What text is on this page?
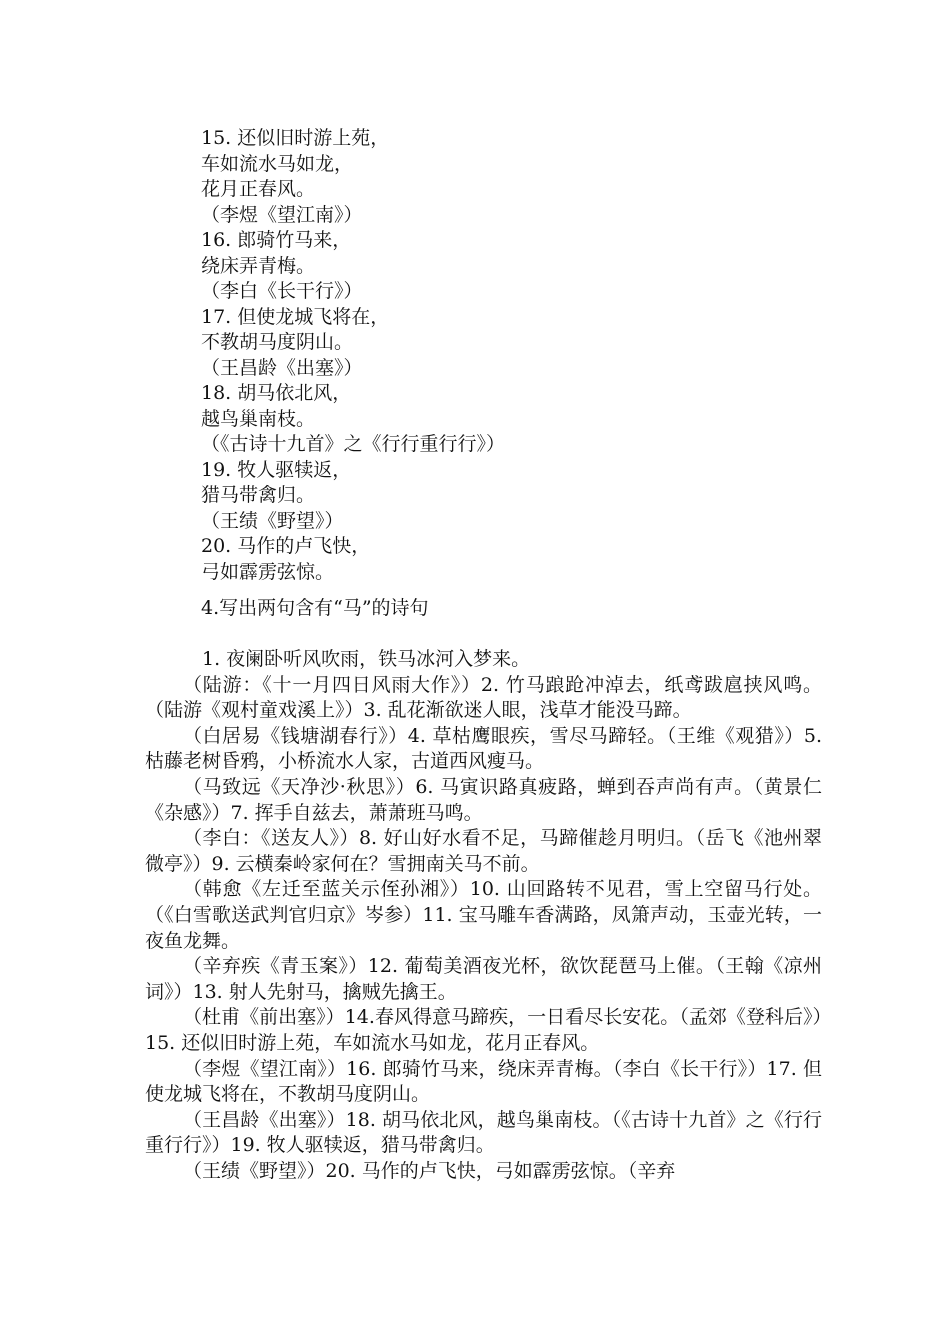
15. 还似旧时游上苑，
车如流水马如龙，
花月正春风。
（李煜《望江南》）
16. 郎骑竹马来，
绕床弄青梅。
（李白《长干行》）
17. 但使龙城飞将在，
不教胡马度阴山。
（王昌龄《出塞》）
18. 胡马依北风，
越鸟巢南枝。
（《古诗十九首》之《行行重行行》）
19. 牧人驱犊返，
猎马带禽归。
（王绩《野望》）
20. 马作的卢飞快，
弓如霹雳弦惊。
4.写出两句含有“马”的诗句

1. 夜阑卧听风吹雨，铁马冰河入梦来。

（陆游：《十一月四日风雨大作》）2. 竹马踉跄冲淖去，纸鸢跋扈挟风鸣。（陆游《观村童戏溪上》）3. 乱花渐欲迷人眼，浅草才能没马蹄。

（白居易《钱塘湖春行》）4. 草枯鹰眼疾，雪尽马蹄轻。（王维《观猎》）5. 枯藤老树昏鸦，小桥流水人家，古道西风瘦马。

（马致远《天净沙·秋思》）6. 马寅识路真疲路，蝉到吞声尚有声。（黄景仁《杂感》）7. 挥手自兹去，萧萧班马鸣。

（李白：《送友人》）8. 好山好水看不足，马蹄催趁月明归。（岳飞《池州翠微亭》）9. 云横秦岭家何在？雪拥南关马不前。

（韩愈《左迁至蓝关示侄孙湘》）10. 山回路转不见君，雪上空留马行处。（《白雪歌送武判官归京》岑参）11. 宝马雕车香满路，凤箫声动，玉壶光转，一夜鱼龙舞。

（辛弃疾《青玉案》）12. 葡萄美酒夜光杯，欲饮琵琶马上催。（王翰《凉州词》）13. 射人先射马，擒贼先擒王。

（杜甫《前出塞》）14.春风得意马蹄疾，一日看尽长安花。（孟郊《登科后》）15. 还似旧时游上苑，车如流水马如龙，花月正春风。

（李煜《望江南》）16. 郎骑竹马来，绕床弄青梅。（李白《长干行》）17. 但使龙城飞将在，不教胡马度阴山。

（王昌龄《出塞》）18. 胡马依北风，越鸟巢南枝。（《古诗十九首》之《行行重行行》）19. 牧人驱犊返，猎马带禽归。

（王绩《野望》）20. 马作的卢飞快，弓如霹雳弦惊。（辛弃
